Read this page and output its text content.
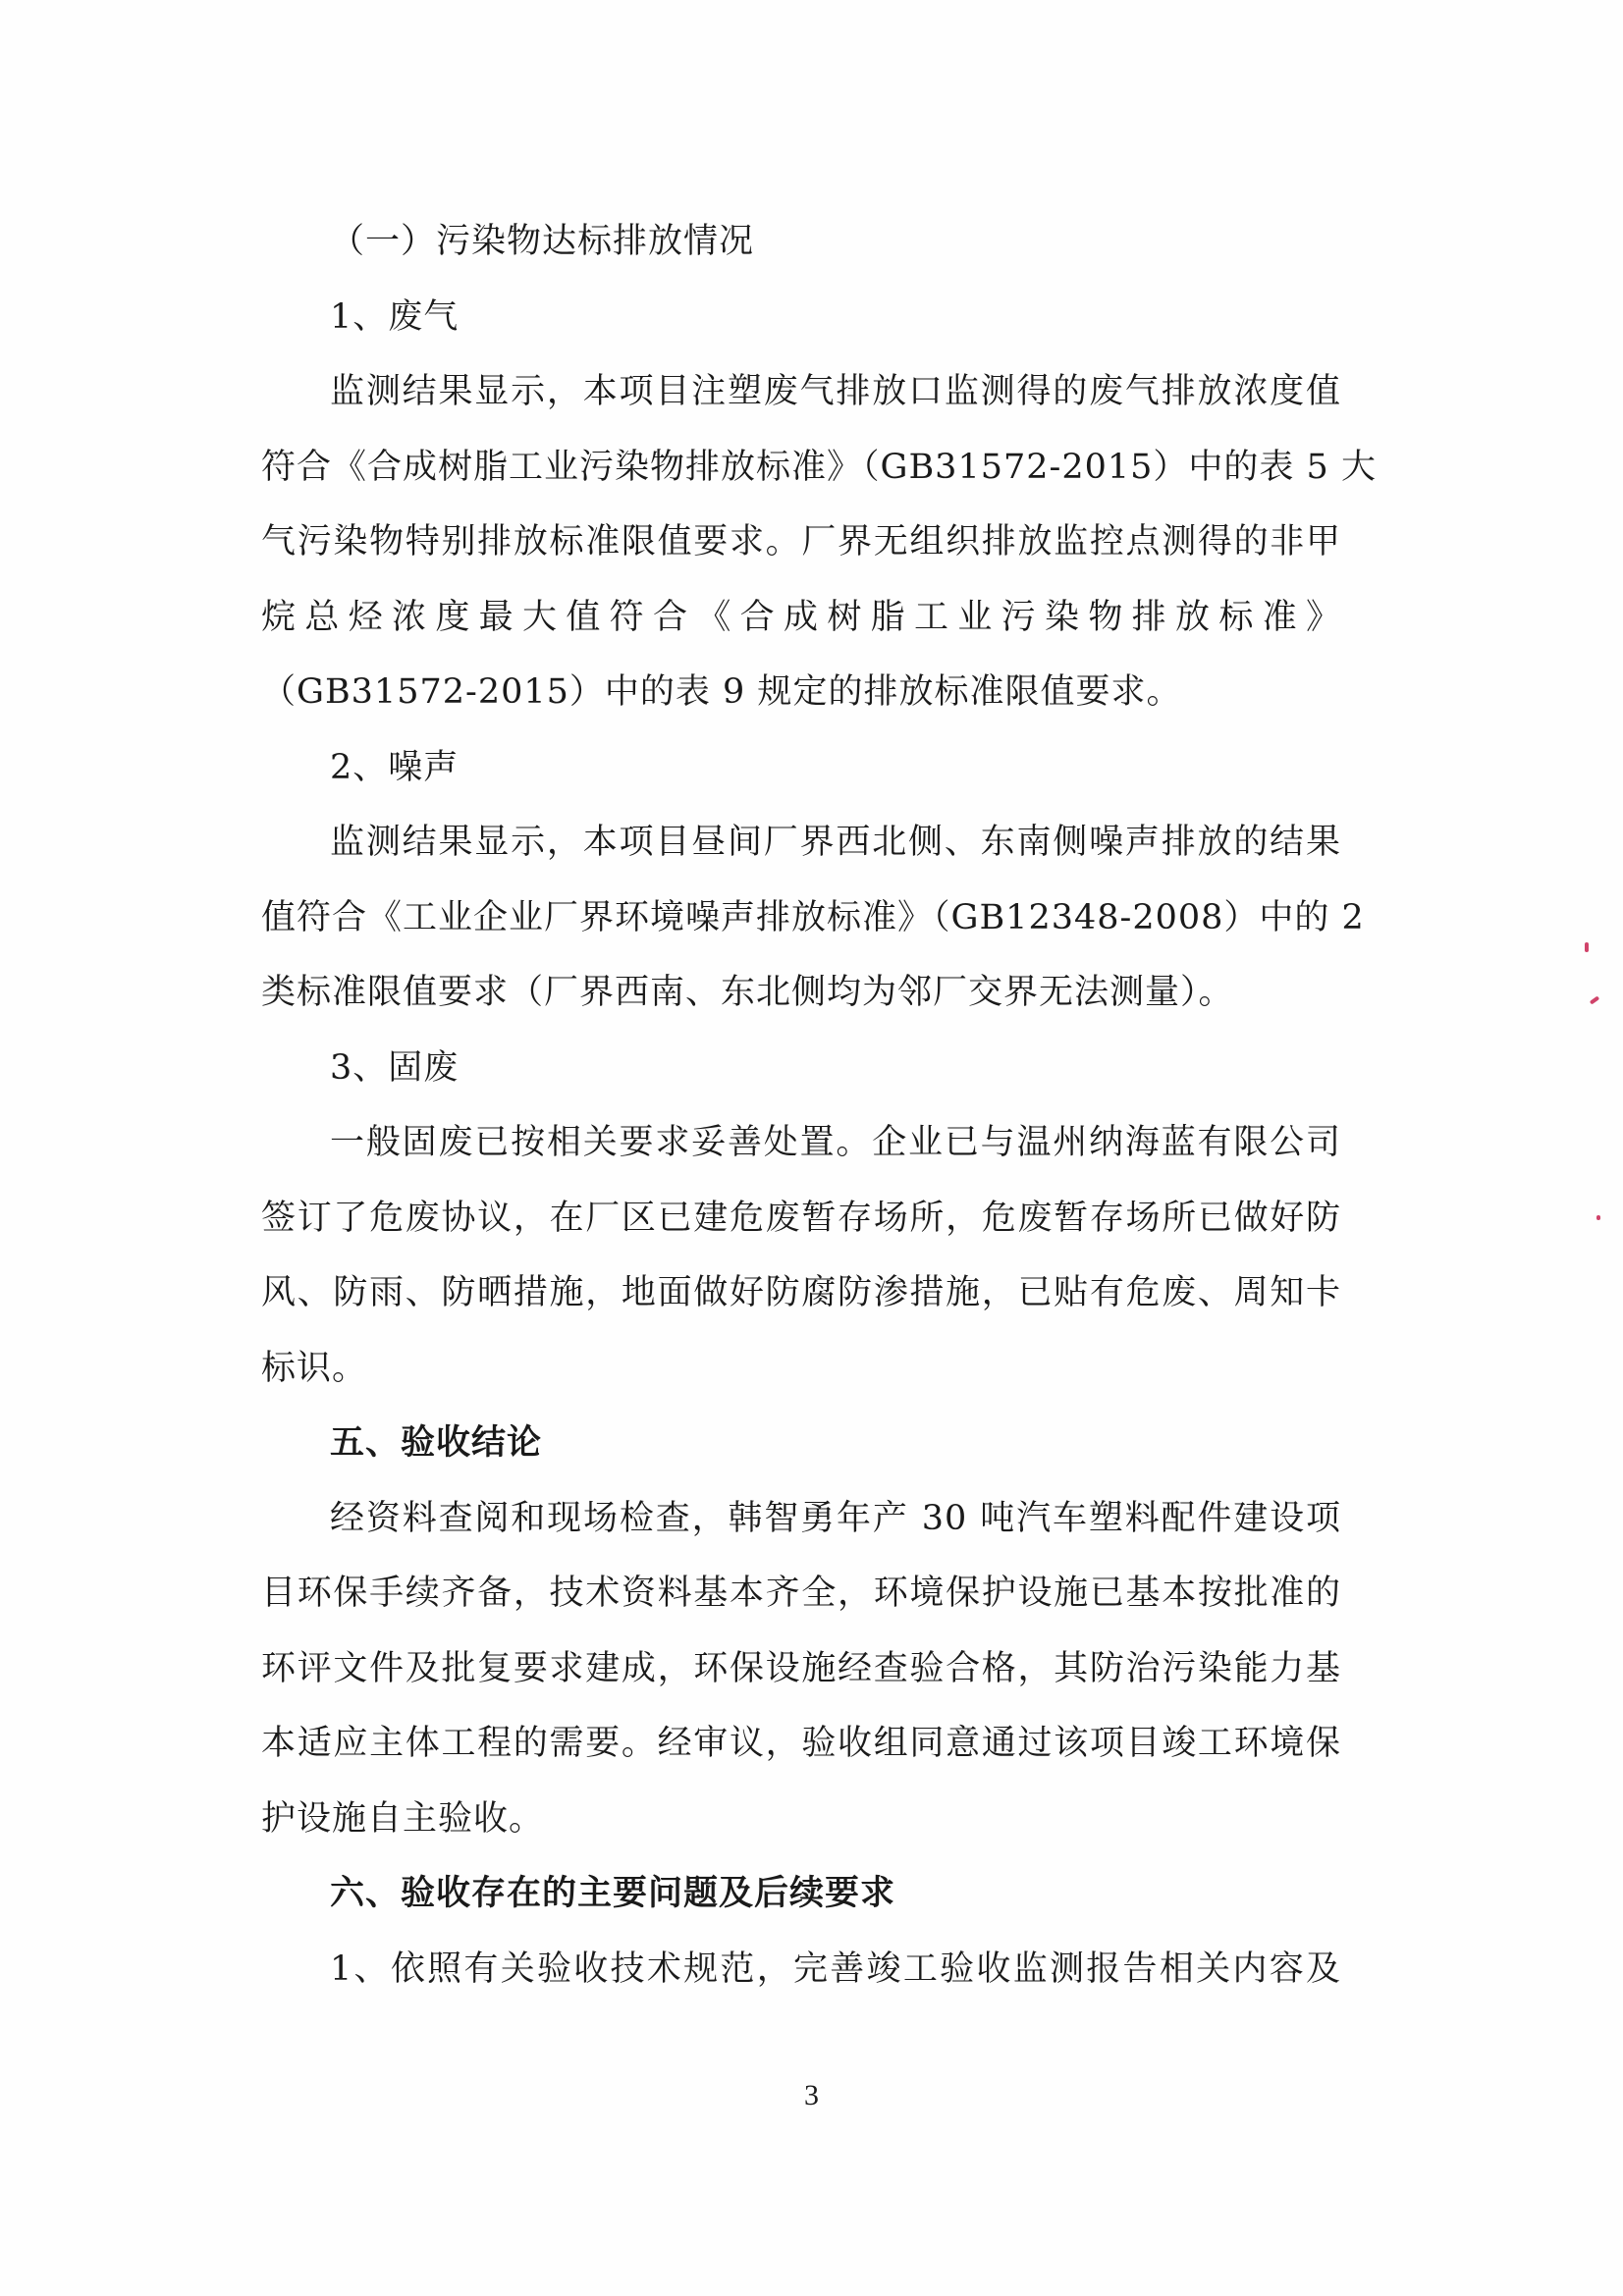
（一）污染物达标排放情况
1、废气
监测结果显示，本项目注塑废气排放口监测得的废气排放浓度值
符合《合成树脂工业污染物排放标准》（GB31572-2015）中的表 5 大
气污染物特别排放标准限值要求。厂界无组织排放监控点测得的非甲
烷总烃浓度最大值符合《合成树脂工业污染物排放标准》
（GB31572-2015）中的表 9 规定的排放标准限值要求。
2、噪声
监测结果显示，本项目昼间厂界西北侧、东南侧噪声排放的结果
值符合《工业企业厂界环境噪声排放标准》（GB12348-2008）中的 2
类标准限值要求（厂界西南、东北侧均为邻厂交界无法测量）。
3、固废
一般固废已按相关要求妥善处置。企业已与温州纳海蓝有限公司
签订了危废协议，在厂区已建危废暂存场所，危废暂存场所已做好防
风、防雨、防晒措施，地面做好防腐防渗措施，已贴有危废、周知卡
标识。
五、验收结论
经资料查阅和现场检查，韩智勇年产 30 吨汽车塑料配件建设项
目环保手续齐备，技术资料基本齐全，环境保护设施已基本按批准的
环评文件及批复要求建成，环保设施经查验合格，其防治污染能力基
本适应主体工程的需要。经审议，验收组同意通过该项目竣工环境保
护设施自主验收。
六、验收存在的主要问题及后续要求
1、依照有关验收技术规范，完善竣工验收监测报告相关内容及
3
